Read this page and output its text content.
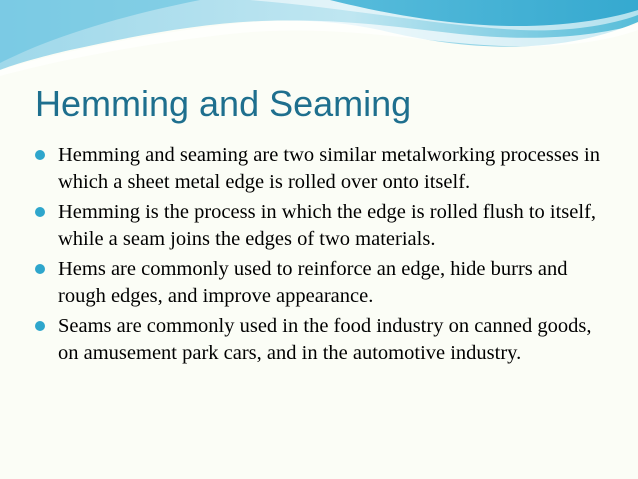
Hemming and Seaming
Hemming and seaming are two similar metalworking processes in which a sheet metal edge is rolled over onto itself.
Hemming is the process in which the edge is rolled flush to itself, while a seam joins the edges of two materials.
Hems are commonly used to reinforce an edge, hide burrs and rough edges, and improve appearance.
Seams are commonly used in the food industry on canned goods, on amusement park cars, and in the automotive industry.
